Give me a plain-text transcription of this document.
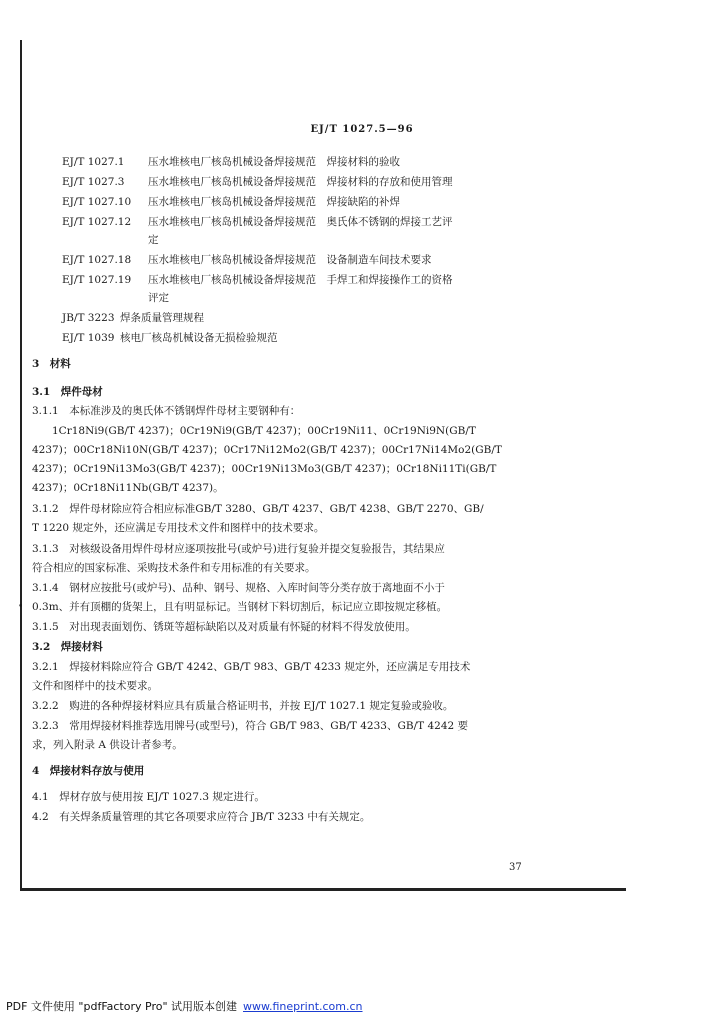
EJ/T 1027.5—96
EJ/T 1027.1 压水堆核电厂核岛机械设备焊接规范　焊接材料的验收
EJ/T 1027.3 压水堆核电厂核岛机械设备焊接规范　焊接材料的存放和使用管理
EJ/T 1027.10 压水堆核电厂核岛机械设备焊接规范　焊接缺陷的补焊
EJ/T 1027.12 压水堆核电厂核岛机械设备焊接规范　奥氏体不锈钢的焊接工艺评
定
EJ/T 1027.18 压水堆核电厂核岛机械设备焊接规范　设备制造车间技术要求
EJ/T 1027.19 压水堆核电厂核岛机械设备焊接规范　手焊工和焊接操作工的资格
评定
JB/T 3223 焊条质量管理规程
EJ/T 1039 核电厂核岛机械设备无损检验规范
3　材料
3.1　焊件母材
3.1.1　本标准涉及的奥氏体不锈钢焊件母材主要钢种有：
1Cr18Ni9(GB/T 4237)；0Cr19Ni9(GB/T 4237)；00Cr19Ni11、0Cr19Ni9N(GB/T
4237)；00Cr18Ni10N(GB/T 4237)；0Cr17Ni12Mo2(GB/T 4237)；00Cr17Ni14Mo2(GB/T
4237)；0Cr19Ni13Mo3(GB/T 4237)；00Cr19Ni13Mo3(GB/T 4237)；0Cr18Ni11Ti(GB/T
4237)；0Cr18Ni11Nb(GB/T 4237)。
3.1.2　焊件母材除应符合相应标准GB/T 3280、GB/T 4237、GB/T 4238、GB/T 2270、GB/
T 1220 规定外，还应满足专用技术文件和图样中的技术要求。
3.1.3　对核级设备用焊件母材应逐项按批号(或炉号)进行复验并提交复验报告，其结果应
符合相应的国家标准、采购技术条件和专用标准的有关要求。
3.1.4　钢材应按批号(或炉号)、品种、钢号、规格、入库时间等分类存放于离地面不小于
• 0.3m、并有顶棚的货架上，且有明显标记。当钢材下料切割后，标记应立即按规定移植。
3.1.5　对出现表面划伤、锈斑等超标缺陷以及对质量有怀疑的材料不得发放使用。
3.2　焊接材料
3.2.1　焊接材料除应符合 GB/T 4242、GB/T 983、GB/T 4233 规定外，还应满足专用技术
文件和图样中的技术要求。
3.2.2　购进的各种焊接材料应具有质量合格证明书，并按 EJ/T 1027.1 规定复验或验收。
3.2.3　常用焊接材料推荐选用牌号(或型号)，符合 GB/T 983、GB/T 4233、GB/T 4242 要
求，列入附录 A 供设计者参考。
4　焊接材料存放与使用
4.1　焊材存放与使用按 EJ/T 1027.3 规定进行。
4.2　有关焊条质量管理的其它各项要求应符合 JB/T 3233 中有关规定。
37
PDF 文件使用 "pdfFactory Pro" 试用版本创建 www.fineprint.com.cn
